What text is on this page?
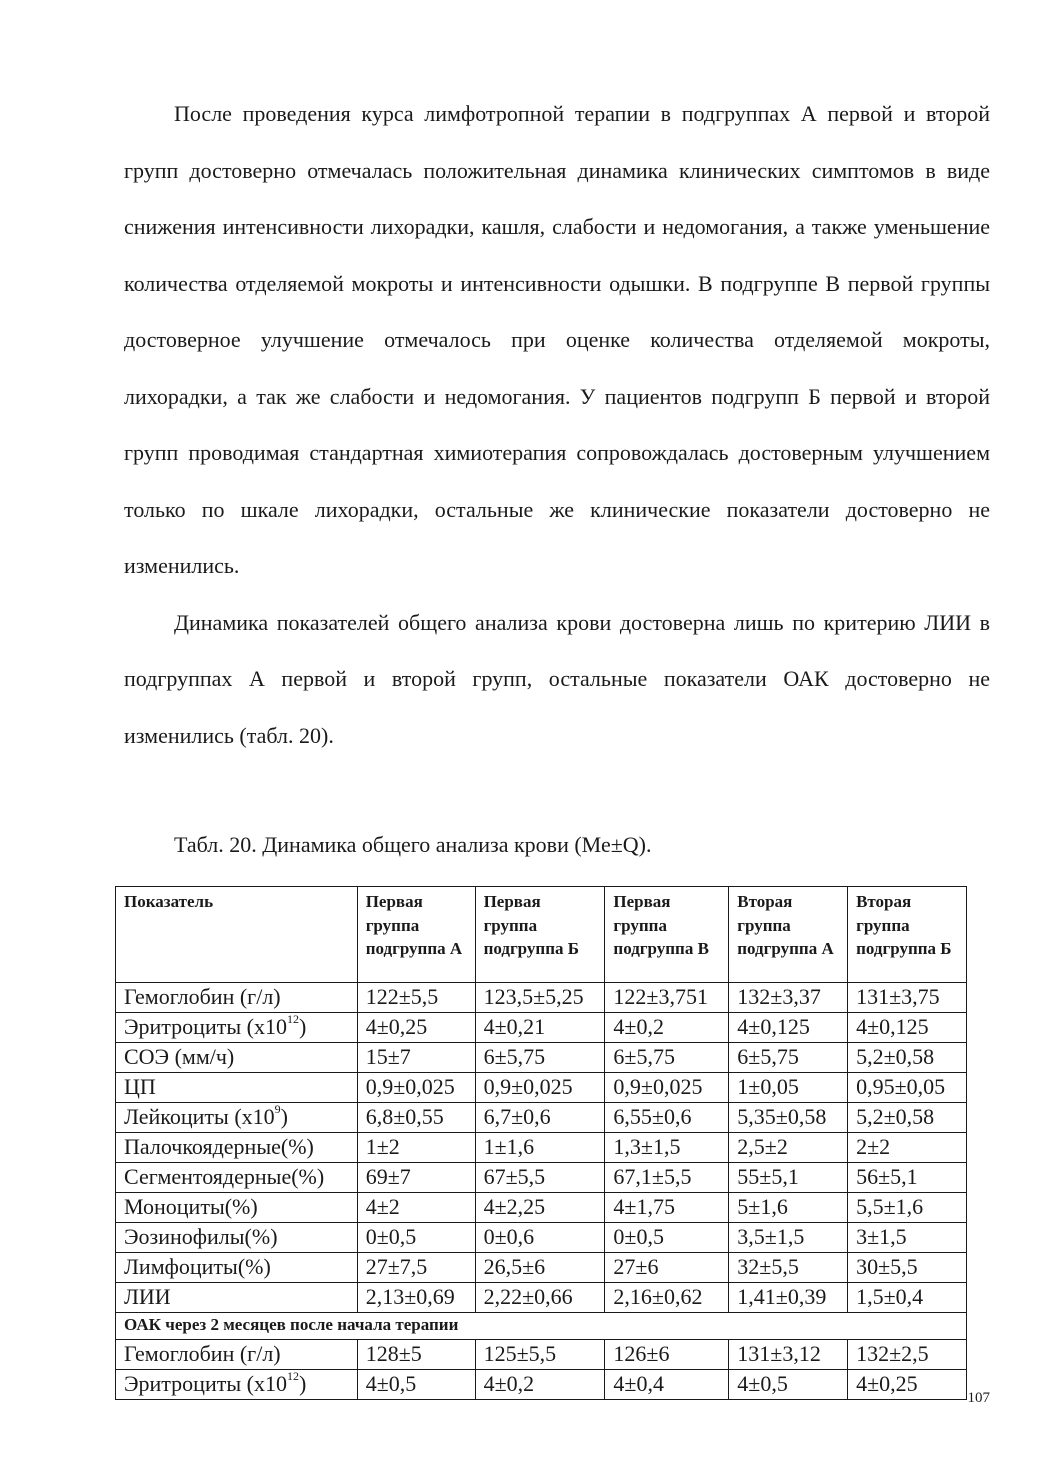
После проведения курса лимфотропной терапии в подгруппах А первой и второй групп достоверно отмечалась положительная динамика клинических симптомов в виде снижения интенсивности лихорадки, кашля, слабости и недомогания, а также уменьшение количества отделяемой мокроты и интенсивности одышки. В подгруппе В первой группы достоверное улучшение отмечалось при оценке количества отделяемой мокроты, лихорадки, а так же слабости и недомогания. У пациентов подгрупп Б первой и второй групп проводимая стандартная химиотерапия сопровождалась достоверным улучшением только по шкале лихорадки, остальные же клинические показатели достоверно не изменились.

Динамика показателей общего анализа крови достоверна лишь по критерию ЛИИ в подгруппах А первой и второй групп, остальные показатели ОАК достоверно не изменились (табл. 20).

Табл. 20. Динамика общего анализа крови (Ме±Q).
Показатель	Первая группа подгруппа А	Первая группа подгруппа Б	Первая группа подгруппа В	Вторая группа подгруппа А	Вторая группа подгруппа Б
Гемоглобин (г/л)	122±5,5	123,5±5,25	122±3,751	132±3,37	131±3,75
Эритроциты $(х10^{12})$	4±0,25	4±0,21	4±0,2	4±0,125	4±0,125
СОЭ (мм/ч)	15±7	6±5,75	6±5,75	6±5,75	5,2±0,58
ЦП	0,9±0,025	0,9±0,025	0,9±0,025	1±0,05	0,95±0,05
Лейкоциты $(х10^9)$	6,8±0,55	6,7±0,6	6,55±0,6	5,35±0,58	5,2±0,58
Палочкоядерные(%)	1±2	1±1,6	1,3±1,5	2,5±2	2±2
Сегментоядерные(%)	69±7	67±5,5	67,1±5,5	55±5,1	56±5,1
Моноциты(%)	4±2	4±2,25	4±1,75	5±1,6	5,5±1,6
Эозинофилы(%)	0±0,5	0±0,6	0±0,5	3,5±1,5	3±1,5
Лимфоциты(%)	27±7,5	26,5±6	27±6	32±5,5	30±5,5
ЛИИ	2,13±0,69	2,22±0,66	2,16±0,62	1,41±0,39	1,5±0,4
ОАК через 2 месяцев после начала терапии					
Гемоглобин (г/л)	128±5	125±5,5	126±6	131±3,12	132±2,5
Эритроциты $(х10^{12})$	4±0,5	4±0,2	4±0,4	4±0,5	4±0,25
107
